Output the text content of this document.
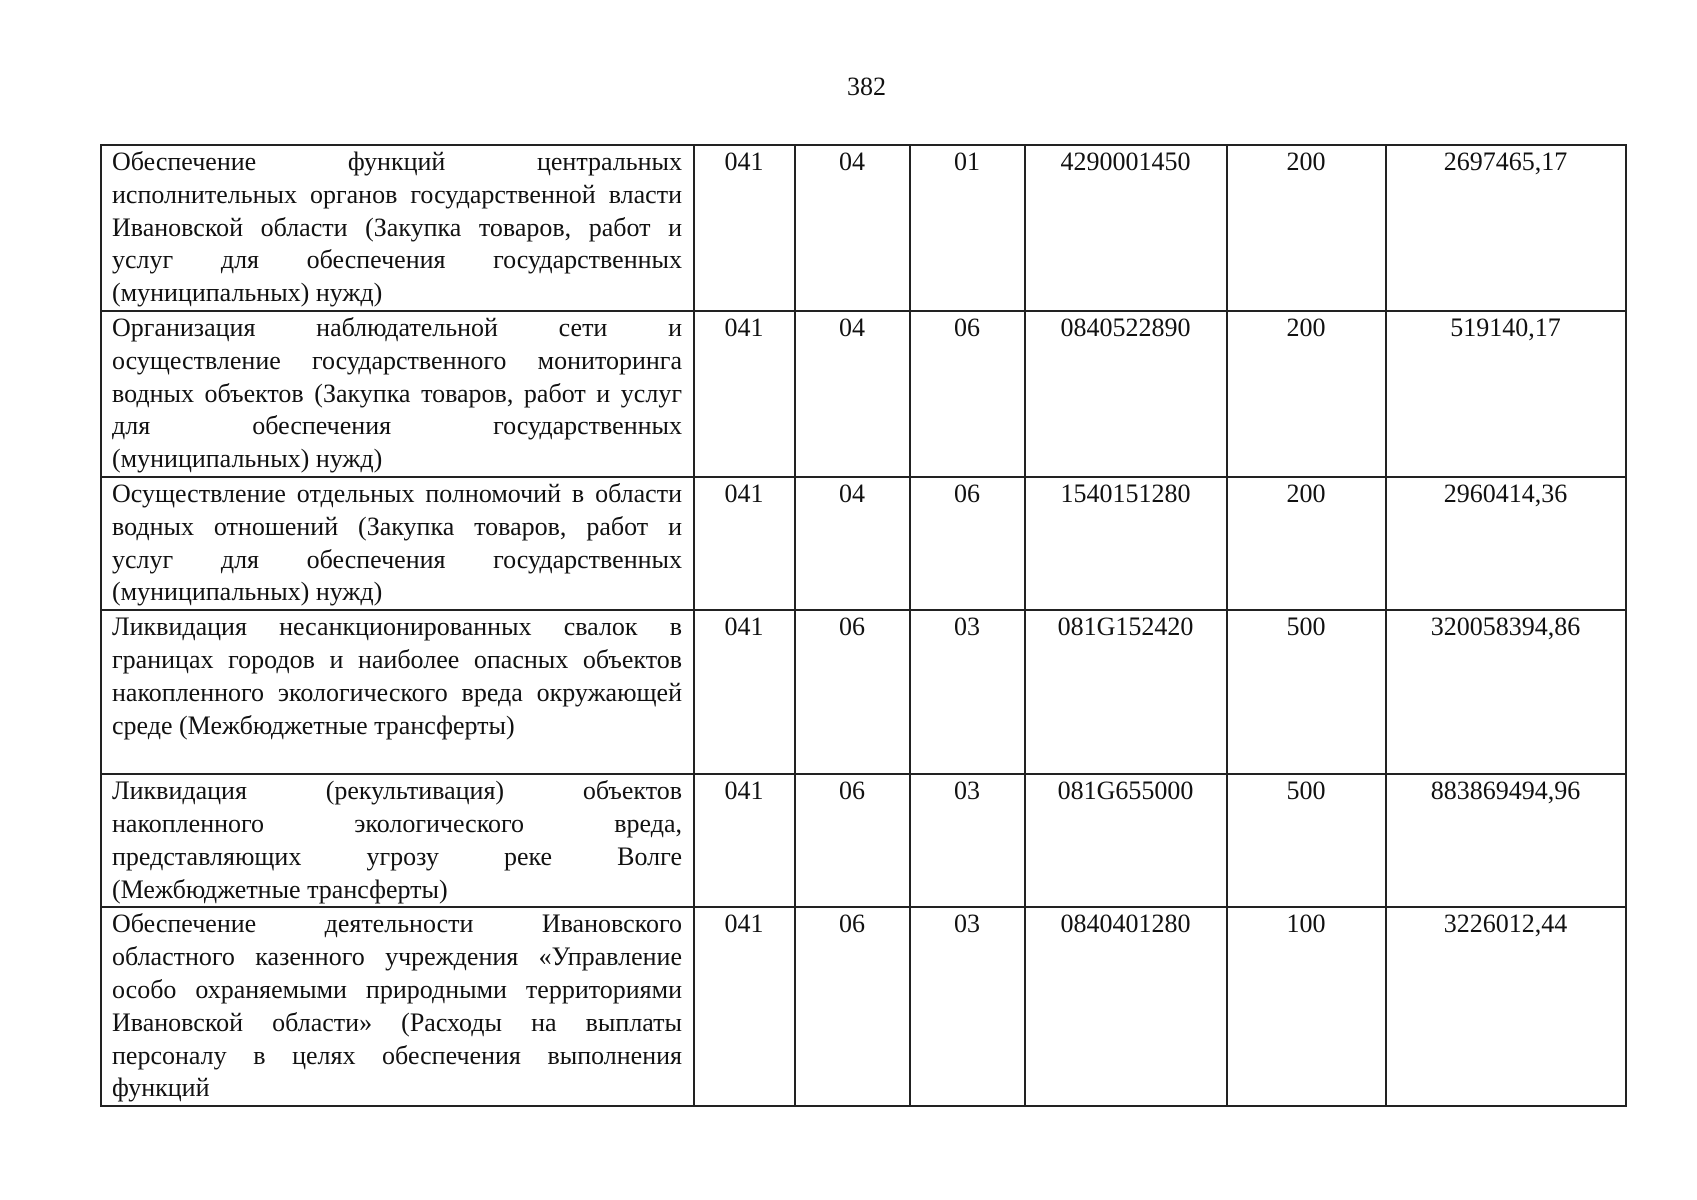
382
Обеспечение функций центральных исполнительных органов государственной власти Ивановской области (Закупка товаров, работ и услуг для обеспечения государственных (муниципальных) нужд)	041	04	01	4290001450	200	2697465,17
Организация наблюдательной сети и осуществление государственного мониторинга водных объектов (Закупка товаров, работ и услуг для обеспечения государственных (муниципальных) нужд)	041	04	06	0840522890	200	519140,17
Осуществление отдельных полномочий в области водных отношений (Закупка товаров, работ и услуг для обеспечения государственных (муниципальных) нужд)	041	04	06	1540151280	200	2960414,36
Ликвидация несанкционированных свалок в границах городов и наиболее опасных объектов накопленного экологического вреда окружающей среде (Межбюджетные трансферты)	041	06	03	081G152420	500	320058394,86
Ликвидация (рекультивация) объектов накопленного экологического вреда, представляющих угрозу реке Волге (Межбюджетные трансферты)	041	06	03	081G655000	500	883869494,96
Обеспечение деятельности Ивановского областного казенного учреждения «Управление особо охраняемыми природными территориями Ивановской области» (Расходы на выплаты персоналу в целях обеспечения выполнения функций	041	06	03	0840401280	100	3226012,44
